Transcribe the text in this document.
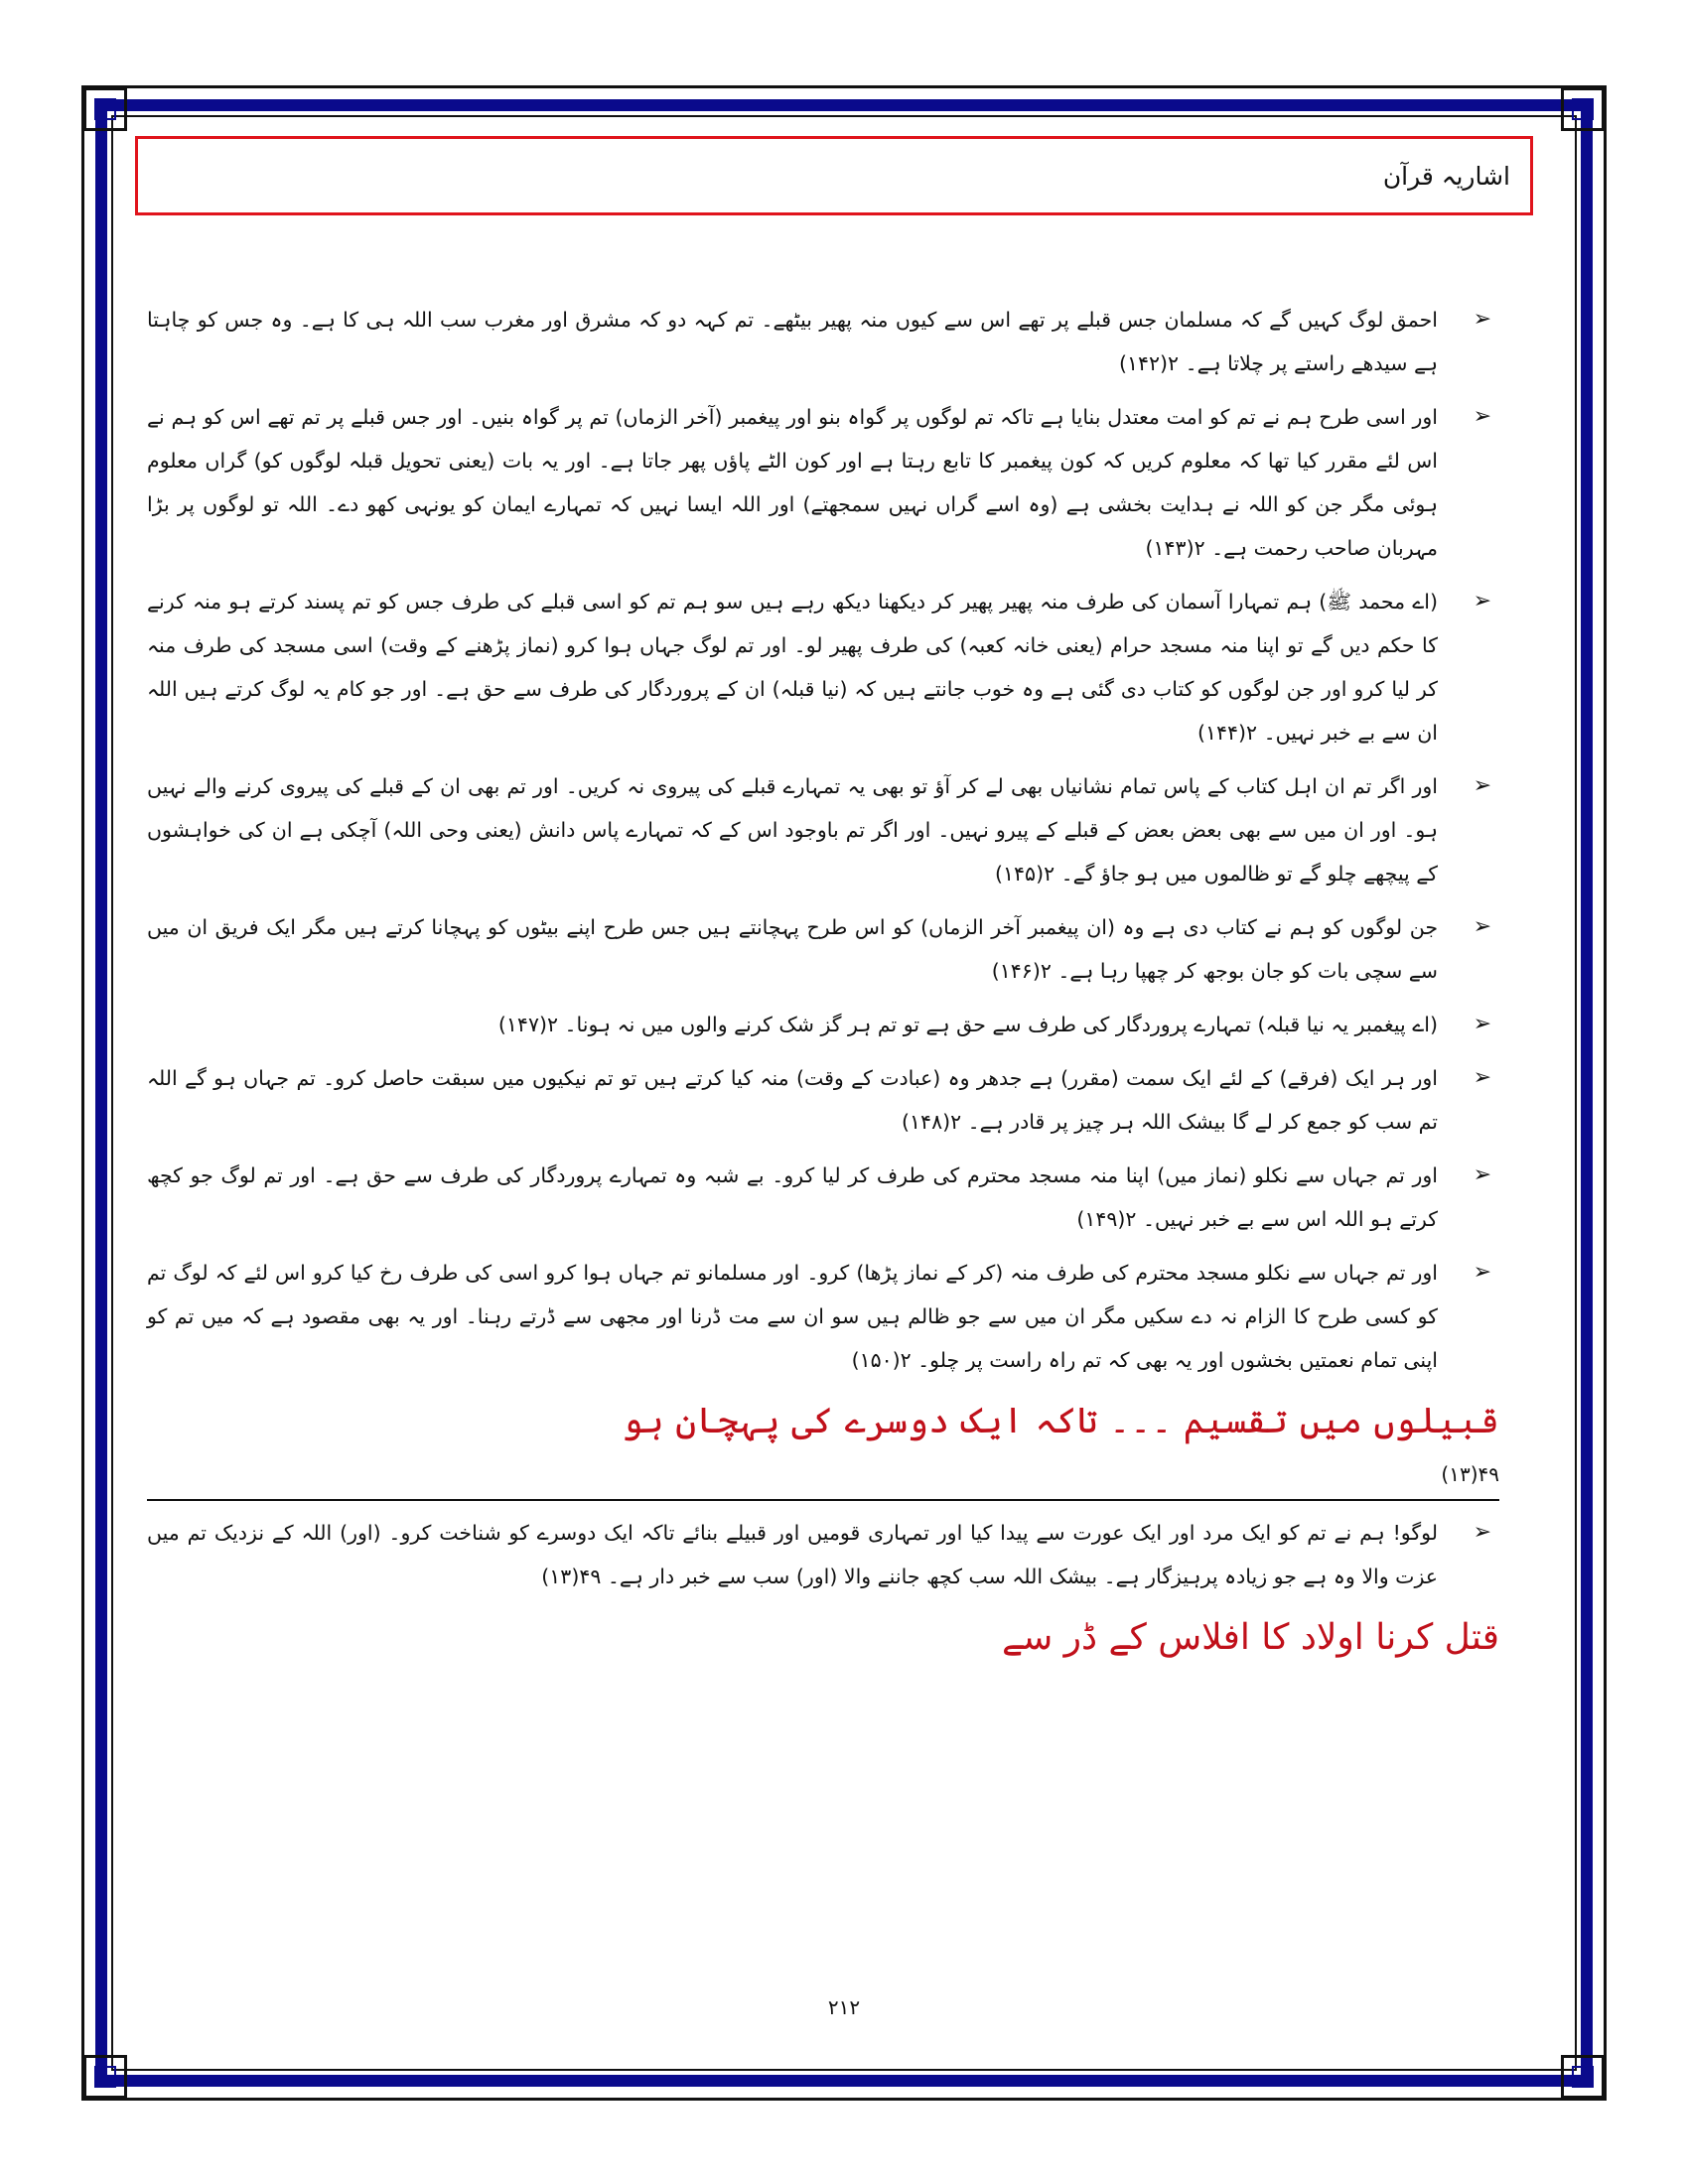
اشاریہ قرآن
➢
احمق لوگ کہیں گے کہ مسلمان جس قبلے پر تھے اس سے کیوں منہ پھیر بیٹھے۔ تم کہہ دو کہ مشرق اور مغرب سب اللہ ہی کا ہے۔ وہ جس کو چاہتا ہے سیدھے راستے پر چلاتا ہے۔ ۲(۱۴۲)
➢
اور اسی طرح ہم نے تم کو امت معتدل بنایا ہے تاکہ تم لوگوں پر گواہ بنو اور پیغمبر (آخر الزماں) تم پر گواہ بنیں۔ اور جس قبلے پر تم تھے اس کو ہم نے اس لئے مقرر کیا تھا کہ معلوم کریں کہ کون پیغمبر کا تابع رہتا ہے اور کون الٹے پاؤں پھر جاتا ہے۔ اور یہ بات (یعنی تحویل قبلہ لوگوں کو) گراں معلوم ہوئی مگر جن کو اللہ نے ہدایت بخشی ہے (وہ اسے گراں نہیں سمجھتے) اور اللہ ایسا نہیں کہ تمہارے ایمان کو یونہی کھو دے۔ اللہ تو لوگوں پر بڑا مہربان صاحب رحمت ہے۔ ۲(۱۴۳)
➢
(اے محمد ﷺ) ہم تمہارا آسمان کی طرف منہ پھیر پھیر کر دیکھنا دیکھ رہے ہیں سو ہم تم کو اسی قبلے کی طرف جس کو تم پسند کرتے ہو منہ کرنے کا حکم دیں گے تو اپنا منہ مسجد حرام (یعنی خانہ کعبہ) کی طرف پھیر لو۔ اور تم لوگ جہاں ہوا کرو (نماز پڑھنے کے وقت) اسی مسجد کی طرف منہ کر لیا کرو اور جن لوگوں کو کتاب دی گئی ہے وہ خوب جانتے ہیں کہ (نیا قبلہ) ان کے پروردگار کی طرف سے حق ہے۔ اور جو کام یہ لوگ کرتے ہیں اللہ ان سے بے خبر نہیں۔ ۲(۱۴۴)
➢
اور اگر تم ان اہل کتاب کے پاس تمام نشانیاں بھی لے کر آؤ تو بھی یہ تمہارے قبلے کی پیروی نہ کریں۔ اور تم بھی ان کے قبلے کی پیروی کرنے والے نہیں ہو۔ اور ان میں سے بھی بعض بعض کے قبلے کے پیرو نہیں۔ اور اگر تم باوجود اس کے کہ تمہارے پاس دانش (یعنی وحی اللہ) آچکی ہے ان کی خواہشوں کے پیچھے چلو گے تو ظالموں میں ہو جاؤ گے۔ ۲(۱۴۵)
➢
جن لوگوں کو ہم نے کتاب دی ہے وہ (ان پیغمبر آخر الزماں) کو اس طرح پہچانتے ہیں جس طرح اپنے بیٹوں کو پہچانا کرتے ہیں مگر ایک فریق ان میں سے سچی بات کو جان بوجھ کر چھپا رہا ہے۔ ۲(۱۴۶)
➢
(اے پیغمبر یہ نیا قبلہ) تمہارے پروردگار کی طرف سے حق ہے تو تم ہر گز شک کرنے والوں میں نہ ہونا۔ ۲(۱۴۷)
➢
اور ہر ایک (فرقے) کے لئے ایک سمت (مقرر) ہے جدھر وہ (عبادت کے وقت) منہ کیا کرتے ہیں تو تم نیکیوں میں سبقت حاصل کرو۔ تم جہاں ہو گے اللہ تم سب کو جمع کر لے گا بیشک اللہ ہر چیز پر قادر ہے۔ ۲(۱۴۸)
➢
اور تم جہاں سے نکلو (نماز میں) اپنا منہ مسجد محترم کی طرف کر لیا کرو۔ بے شبہ وہ تمہارے پروردگار کی طرف سے حق ہے۔ اور تم لوگ جو کچھ کرتے ہو اللہ اس سے بے خبر نہیں۔ ۲(۱۴۹)
➢
اور تم جہاں سے نکلو مسجد محترم کی طرف منہ (کر کے نماز پڑھا) کرو۔ اور مسلمانو تم جہاں ہوا کرو اسی کی طرف رخ کیا کرو اس لئے کہ لوگ تم کو کسی طرح کا الزام نہ دے سکیں مگر ان میں سے جو ظالم ہیں سو ان سے مت ڈرنا اور مجھی سے ڈرتے رہنا۔ اور یہ بھی مقصود ہے کہ میں تم کو اپنی تمام نعمتیں بخشوں اور یہ بھی کہ تم راہ راست پر چلو۔ ۲(۱۵۰)
قبیلوں میں تقسیم ۔۔۔ تاکہ ایک دوسرے کی پہچان ہو
۴۹(۱۳)
➢
لوگو! ہم نے تم کو ایک مرد اور ایک عورت سے پیدا کیا اور تمہاری قومیں اور قبیلے بنائے تاکہ ایک دوسرے کو شناخت کرو۔ (اور) اللہ کے نزدیک تم میں عزت والا وہ ہے جو زیادہ پرہیزگار ہے۔ بیشک اللہ سب کچھ جاننے والا (اور) سب سے خبر دار ہے۔ ۴۹(۱۳)
قتل کرنا اولاد کا افلاس کے ڈر سے
۲۱۲
